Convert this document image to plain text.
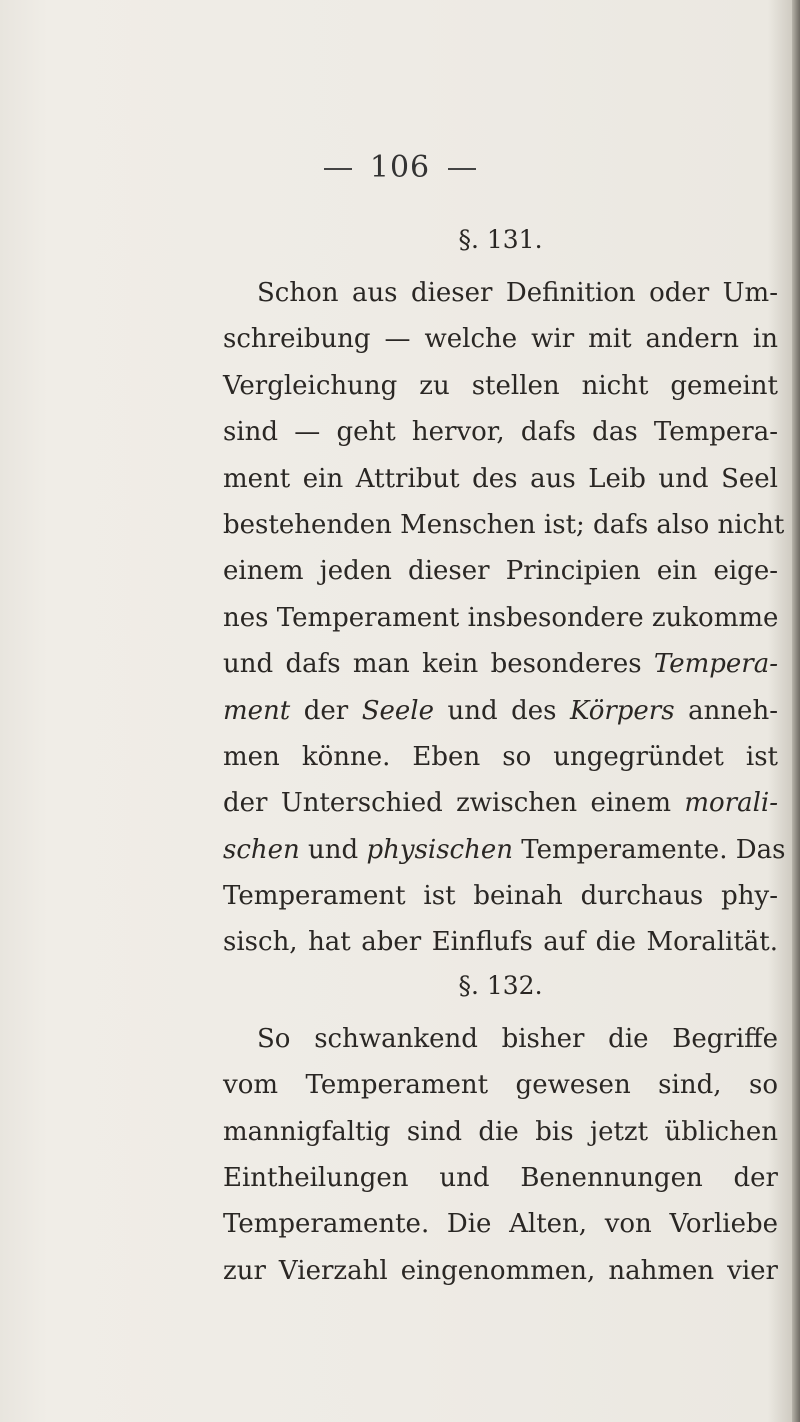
106
§. 131.
Schon aus dieser Definition oder Um-
schreibung — welche wir mit andern in
Vergleichung zu stellen nicht gemeint
sind — geht hervor, dafs das Tempera-
ment ein Attribut des aus Leib und Seel
bestehenden Menschen ist; dafs also nicht
einem jeden dieser Principien ein eige-
nes Temperament insbesondere zukomme
und dafs man kein besonderes Tempera-
ment der Seele und des Körpers anneh-
men könne. Eben so ungegründet ist
der Unterschied zwischen einem morali-
schen und physischen Temperamente. Das
Temperament ist beinah durchaus phy-
sisch, hat aber Einflufs auf die Moralität.
§. 132.
So schwankend bisher die Begriffe
vom Temperament gewesen sind, so
mannigfaltig sind die bis jetzt üblichen
Eintheilungen und Benennungen der
Temperamente. Die Alten, von Vorliebe
zur Vierzahl eingenommen, nahmen vier
